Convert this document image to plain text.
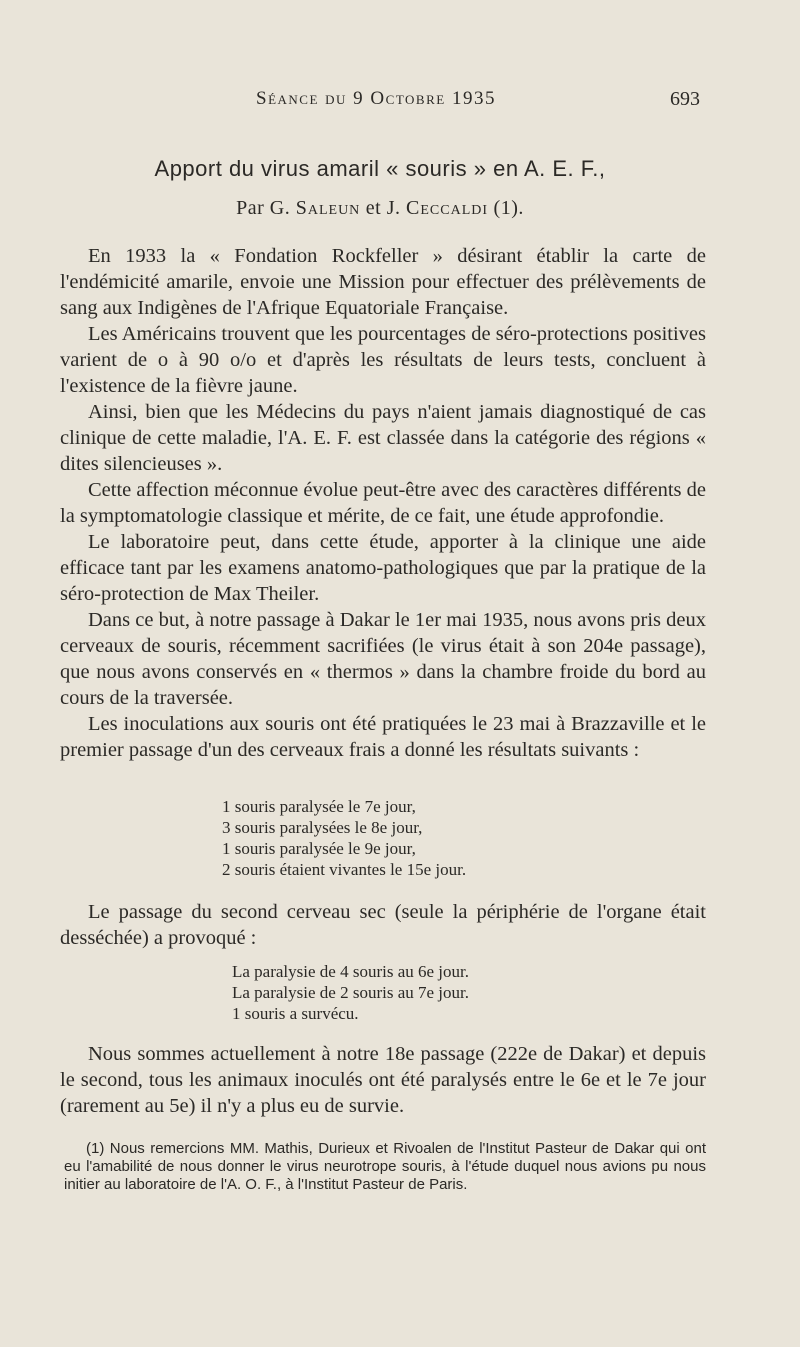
Séance du 9 Octobre 1935	693
Apport du virus amaril « souris » en A. E. F.,
Par G. Saleun et J. Ceccaldi (1).

En 1933 la « Fondation Rockfeller » désirant établir la carte de l'endémicité amarile, envoie une Mission pour effectuer des prélèvements de sang aux Indigènes de l'Afrique Equatoriale Française.

Les Américains trouvent que les pourcentages de séro-protections positives varient de o à 90 o/o et d'après les résultats de leurs tests, concluent à l'existence de la fièvre jaune.

Ainsi, bien que les Médecins du pays n'aient jamais diagnostiqué de cas clinique de cette maladie, l'A. E. F. est classée dans la catégorie des régions « dites silencieuses ».

Cette affection méconnue évolue peut-être avec des caractères différents de la symptomatologie classique et mérite, de ce fait, une étude approfondie.

Le laboratoire peut, dans cette étude, apporter à la clinique une aide efficace tant par les examens anatomo-pathologiques que par la pratique de la séro-protection de Max Theiler.

Dans ce but, à notre passage à Dakar le 1er mai 1935, nous avons pris deux cerveaux de souris, récemment sacrifiées (le virus était à son 204e passage), que nous avons conservés en « thermos » dans la chambre froide du bord au cours de la traversée.

Les inoculations aux souris ont été pratiquées le 23 mai à Brazzaville et le premier passage d'un des cerveaux frais a donné les résultats suivants :

1 souris paralysée le 7e jour,
3 souris paralysées le 8e jour,
1 souris paralysée le 9e jour,
2 souris étaient vivantes le 15e jour.

Le passage du second cerveau sec (seule la périphérie de l'organe était desséchée) a provoqué :

La paralysie de 4 souris au 6e jour.
La paralysie de 2 souris au 7e jour.
1 souris a survécu.

Nous sommes actuellement à notre 18e passage (222e de Dakar) et depuis le second, tous les animaux inoculés ont été paralysés entre le 6e et le 7e jour (rarement au 5e) il n'y a plus eu de survie.

(1) Nous remercions MM. Mathis, Durieux et Rivoalen de l'Institut Pasteur de Dakar qui ont eu l'amabilité de nous donner le virus neurotrope souris, à l'étude duquel nous avions pu nous initier au laboratoire de l'A. O. F., à l'Institut Pasteur de Paris.
